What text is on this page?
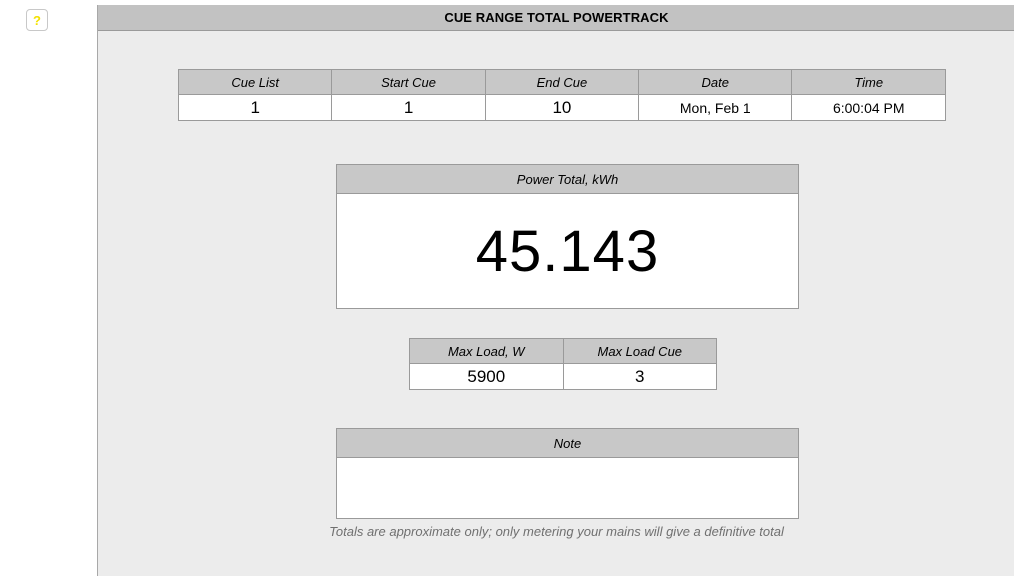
?	CUE RANGE TOTAL POWERTRACK
Cue List	Start Cue	End Cue	Date	Time
1	1	10	Mon, Feb 1	6:00:04 PM
Power Total, kWh
45.143
Max Load, W	Max Load Cue
5900	3
Note
Totals are approximate only; only metering your mains will give a definitive total
